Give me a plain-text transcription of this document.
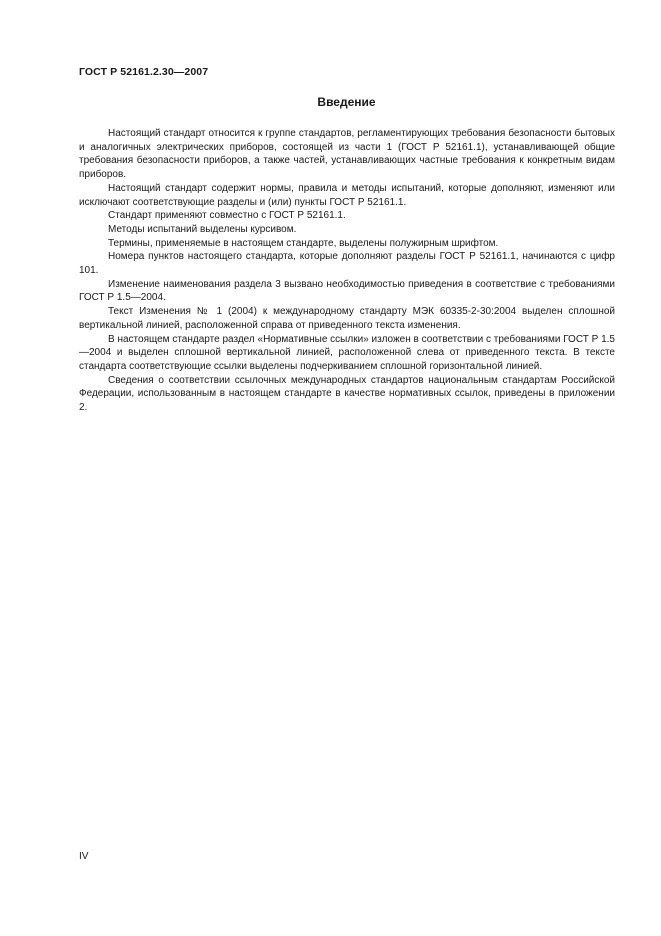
ГОСТ Р 52161.2.30—2007
Введение

Настоящий стандарт относится к группе стандартов, регламентирующих требования безопасности бытовых и аналогичных электрических приборов, состоящей из части 1 (ГОСТ Р 52161.1), устанавливающей общие требования безопасности приборов, а также частей, устанавливающих частные требования к конкретным видам приборов.

Настоящий стандарт содержит нормы, правила и методы испытаний, которые дополняют, изменяют или исключают соответствующие разделы и (или) пункты ГОСТ Р 52161.1.

Стандарт применяют совместно с ГОСТ Р 52161.1.

Методы испытаний выделены курсивом.

Термины, применяемые в настоящем стандарте, выделены полужирным шрифтом.

Номера пунктов настоящего стандарта, которые дополняют разделы ГОСТ Р 52161.1, начинаются с цифр 101.

Изменение наименования раздела 3 вызвано необходимостью приведения в соответствие с требованиями ГОСТ Р 1.5—2004.

Текст Изменения № 1 (2004) к международному стандарту МЭК 60335-2-30:2004 выделен сплошной вертикальной линией, расположенной справа от приведенного текста изменения.

В настоящем стандарте раздел «Нормативные ссылки» изложен в соответствии с требованиями ГОСТ Р 1.5—2004 и выделен сплошной вертикальной линией, расположенной слева от приведенного текста. В тексте стандарта соответствующие ссылки выделены подчеркиванием сплошной горизонтальной линией.

Сведения о соответствии ссылочных международных стандартов национальным стандартам Российской Федерации, использованным в настоящем стандарте в качестве нормативных ссылок, приведены в приложении 2.

IV
